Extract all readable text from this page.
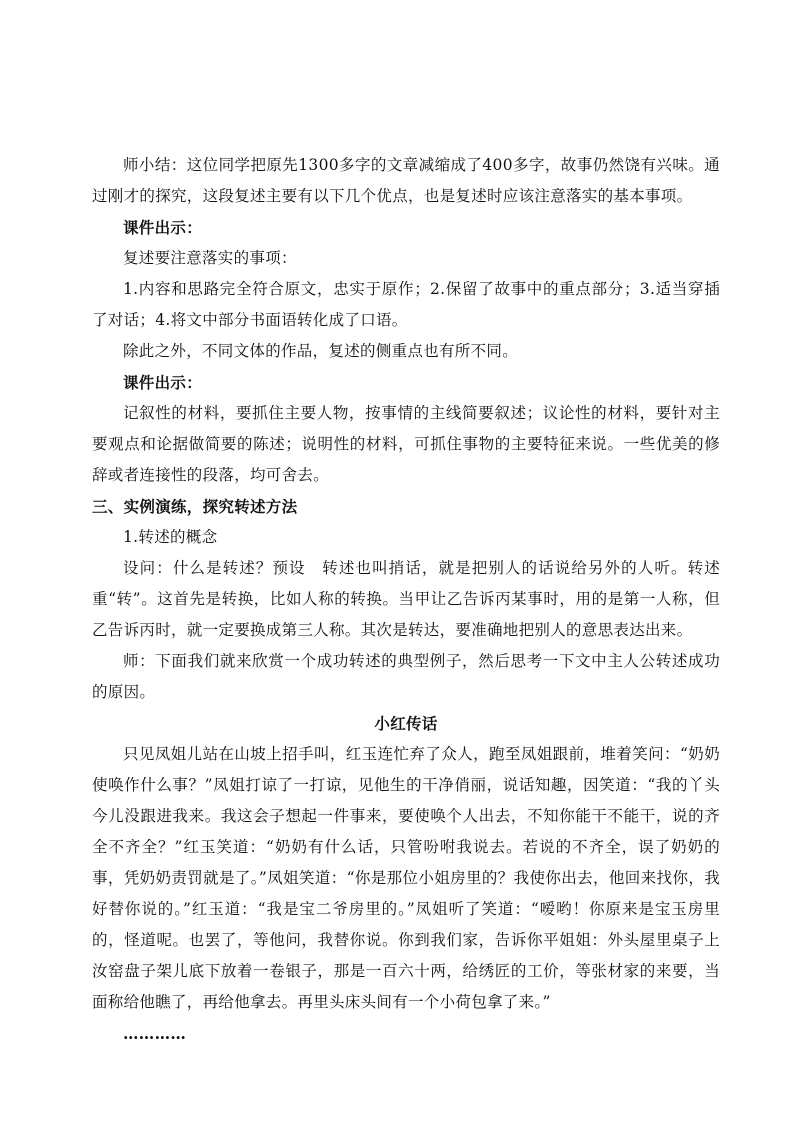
师小结：这位同学把原先1300多字的文章减缩成了400多字，故事仍然饶有兴味。通过刚才的探究，这段复述主要有以下几个优点，也是复述时应该注意落实的基本事项。

课件出示：

复述要注意落实的事项：

1.内容和思路完全符合原文，忠实于原作；2.保留了故事中的重点部分；3.适当穿插了对话；4.将文中部分书面语转化成了口语。

除此之外，不同文体的作品，复述的侧重点也有所不同。

课件出示：

记叙性的材料，要抓住主要人物，按事情的主线简要叙述；议论性的材料，要针对主要观点和论据做简要的陈述；说明性的材料，可抓住事物的主要特征来说。一些优美的修辞或者连接性的段落，均可舍去。

三、实例演练，探究转述方法

1.转述的概念

设问：什么是转述？预设　转述也叫捎话，就是把别人的话说给另外的人听。转述重“转”。这首先是转换，比如人称的转换。当甲让乙告诉丙某事时，用的是第一人称，但乙告诉丙时，就一定要换成第三人称。其次是转达，要准确地把别人的意思表达出来。

师：下面我们就来欣赏一个成功转述的典型例子，然后思考一下文中主人公转述成功的原因。

小红传话

只见凤姐儿站在山坡上招手叫，红玉连忙弃了众人，跑至凤姐跟前，堆着笑问：“奶奶使唤作什么事？”凤姐打谅了一打谅，见他生的干净俏丽，说话知趣，因笑道：“我的丫头今儿没跟进我来。我这会子想起一件事来，要使唤个人出去，不知你能干不能干，说的齐全不齐全？”红玉笑道：“奶奶有什么话，只管吩咐我说去。若说的不齐全，误了奶奶的事，凭奶奶责罚就是了。”凤姐笑道：“你是那位小姐房里的？我使你出去，他回来找你，我好替你说的。”红玉道：“我是宝二爷房里的。”凤姐听了笑道：“嗳哟！你原来是宝玉房里的，怪道呢。也罢了，等他问，我替你说。你到我们家，告诉你平姐姐：外头屋里桌子上汝窑盘子架儿底下放着一卷银子，那是一百六十两，给绣匠的工价，等张材家的来要，当面称给他瞧了，再给他拿去。再里头床头间有一个小荷包拿了来。”

…………
